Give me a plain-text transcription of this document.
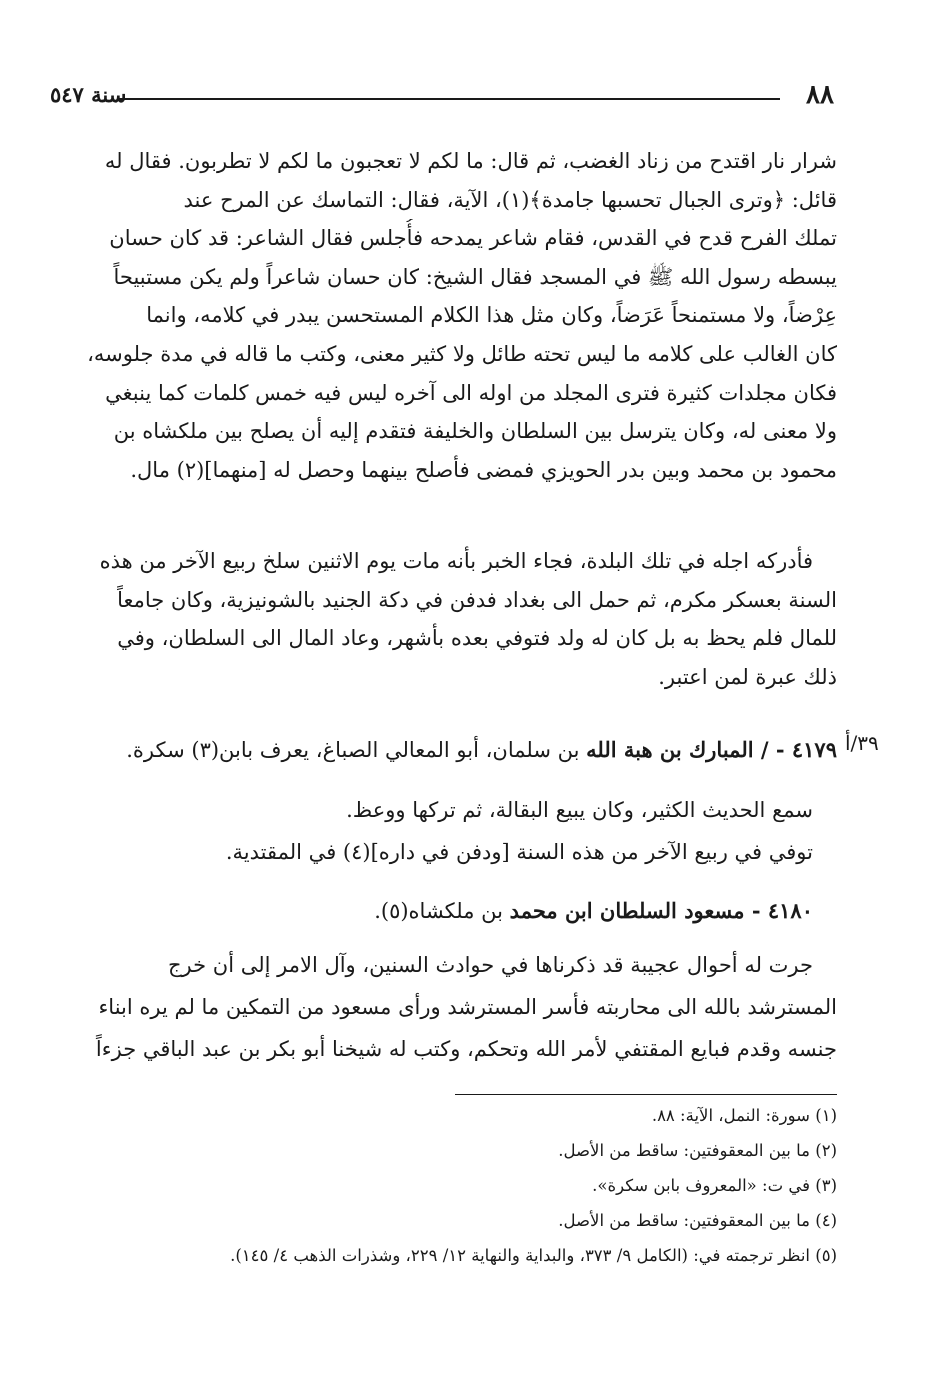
٨٨
سنة ٥٤٧
شرار نار اقتدح من زناد الغضب، ثم قال: ما لكم لا تعجبون ما لكم لا تطربون. فقال له
قائل: ﴿وترى الجبال تحسبها جامدة﴾(١)، الآية، فقال: التماسك عن المرح عند
تملك الفرح قدح في القدس، فقام شاعر يمدحه فأُجلس فقال الشاعر: قد كان حسان
يبسطه رسول الله ﷺ في المسجد فقال الشيخ: كان حسان شاعراً ولم يكن مستبيحاً
عِرْضاً، ولا مستمنحاً عَرَضاً، وكان مثل هذا الكلام المستحسن يبدر في كلامه، وانما
كان الغالب على كلامه ما ليس تحته طائل ولا كثير معنى، وكتب ما قاله في مدة جلوسه،
فكان مجلدات كثيرة فترى المجلد من اوله الى آخره ليس فيه خمس كلمات كما ينبغي
ولا معنى له، وكان يترسل بين السلطان والخليفة فتقدم إليه أن يصلح بين ملكشاه بن
محمود بن محمد وبين بدر الحويزي فمضى فأصلح بينهما وحصل له [منهما](٢) مال.
فأدركه اجله في تلك البلدة، فجاء الخبر بأنه مات يوم الاثنين سلخ ربيع الآخر من هذه
السنة بعسكر مكرم، ثم حمل الى بغداد فدفن في دكة الجنيد بالشونيزية، وكان جامعاً
للمال فلم يحظ به بل كان له ولد فتوفي بعده بأشهر، وعاد المال الى السلطان، وفي
ذلك عبرة لمن اعتبر.
٣٩/أ
٤١٧٩ - / المبارك بن هبة الله بن سلمان، أبو المعالي الصباغ، يعرف بابن(٣) سكرة.
سمع الحديث الكثير، وكان يبيع البقالة، ثم تركها ووعظ.
توفي في ربيع الآخر من هذه السنة [ودفن في داره](٤) في المقتدية.
٤١٨٠ - مسعود السلطان ابن محمد بن ملكشاه(٥).
جرت له أحوال عجيبة قد ذكرناها في حوادث السنين، وآل الامر إلى أن خرج
المسترشد بالله الى محاربته فأسر المسترشد ورأى مسعود من التمكين ما لم يره ابناء
جنسه وقدم فبايع المقتفي لأمر الله وتحكم، وكتب له شيخنا أبو بكر بن عبد الباقي جزءاً
(١) سورة: النمل، الآية: ٨٨.
(٢) ما بين المعقوفتين: ساقط من الأصل.
(٣) في ت: «المعروف بابن سكرة».
(٤) ما بين المعقوفتين: ساقط من الأصل.
(٥) انظر ترجمته في: (الكامل ٩/ ٣٧٣، والبداية والنهاية ١٢/ ٢٢٩، وشذرات الذهب ٤/ ١٤٥).
